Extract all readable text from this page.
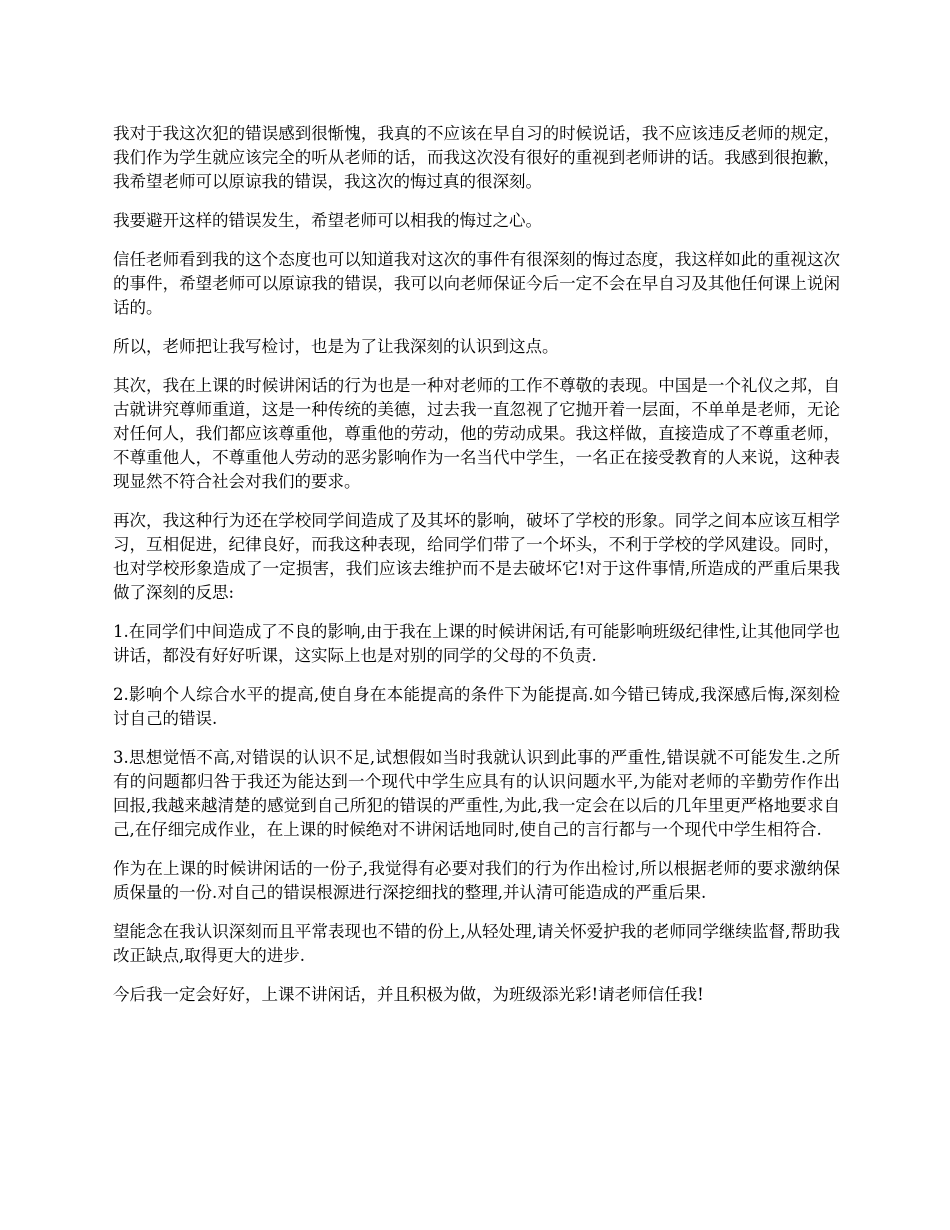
我对于我这次犯的错误感到很惭愧，我真的不应该在早自习的时候说话，我不应该违反老师的规定，我们作为学生就应该完全的听从老师的话，而我这次没有很好的重视到老师讲的话。我感到很抱歉，我希望老师可以原谅我的错误，我这次的悔过真的很深刻。

我要避开这样的错误发生，希望老师可以相我的悔过之心。

信任老师看到我的这个态度也可以知道我对这次的事件有很深刻的悔过态度，我这样如此的重视这次的事件，希望老师可以原谅我的错误，我可以向老师保证今后一定不会在早自习及其他任何课上说闲话的。

所以，老师把让我写检讨，也是为了让我深刻的认识到这点。

其次，我在上课的时候讲闲话的行为也是一种对老师的工作不尊敬的表现。中国是一个礼仪之邦，自古就讲究尊师重道，这是一种传统的美德，过去我一直忽视了它抛开着一层面，不单单是老师，无论对任何人，我们都应该尊重他，尊重他的劳动，他的劳动成果。我这样做，直接造成了不尊重老师，不尊重他人，不尊重他人劳动的恶劣影响作为一名当代中学生，一名正在接受教育的人来说，这种表现显然不符合社会对我们的要求。

再次，我这种行为还在学校同学间造成了及其坏的影响，破坏了学校的形象。同学之间本应该互相学习，互相促进，纪律良好，而我这种表现，给同学们带了一个坏头，不利于学校的学风建设。同时，也对学校形象造成了一定损害，我们应该去维护而不是去破坏它!对于这件事情,所造成的严重后果我做了深刻的反思:

1.在同学们中间造成了不良的影响,由于我在上课的时候讲闲话,有可能影响班级纪律性,让其他同学也讲话，都没有好好听课，这实际上也是对别的同学的父母的不负责.

2.影响个人综合水平的提高,使自身在本能提高的条件下为能提高.如今错已铸成,我深感后悔,深刻检讨自己的错误.

3.思想觉悟不高,对错误的认识不足,试想假如当时我就认识到此事的严重性,错误就不可能发生.之所有的问题都归咎于我还为能达到一个现代中学生应具有的认识问题水平,为能对老师的辛勤劳作作出回报,我越来越清楚的感觉到自己所犯的错误的严重性,为此,我一定会在以后的几年里更严格地要求自己,在仔细完成作业，在上课的时候绝对不讲闲话地同时,使自己的言行都与一个现代中学生相符合.

作为在上课的时候讲闲话的一份子,我觉得有必要对我们的行为作出检讨,所以根据老师的要求激纳保质保量的一份.对自己的错误根源进行深挖细找的整理,并认清可能造成的严重后果.

望能念在我认识深刻而且平常表现也不错的份上,从轻处理,请关怀爱护我的老师同学继续监督,帮助我改正缺点,取得更大的进步.

今后我一定会好好，上课不讲闲话，并且积极为做，为班级添光彩!请老师信任我!
